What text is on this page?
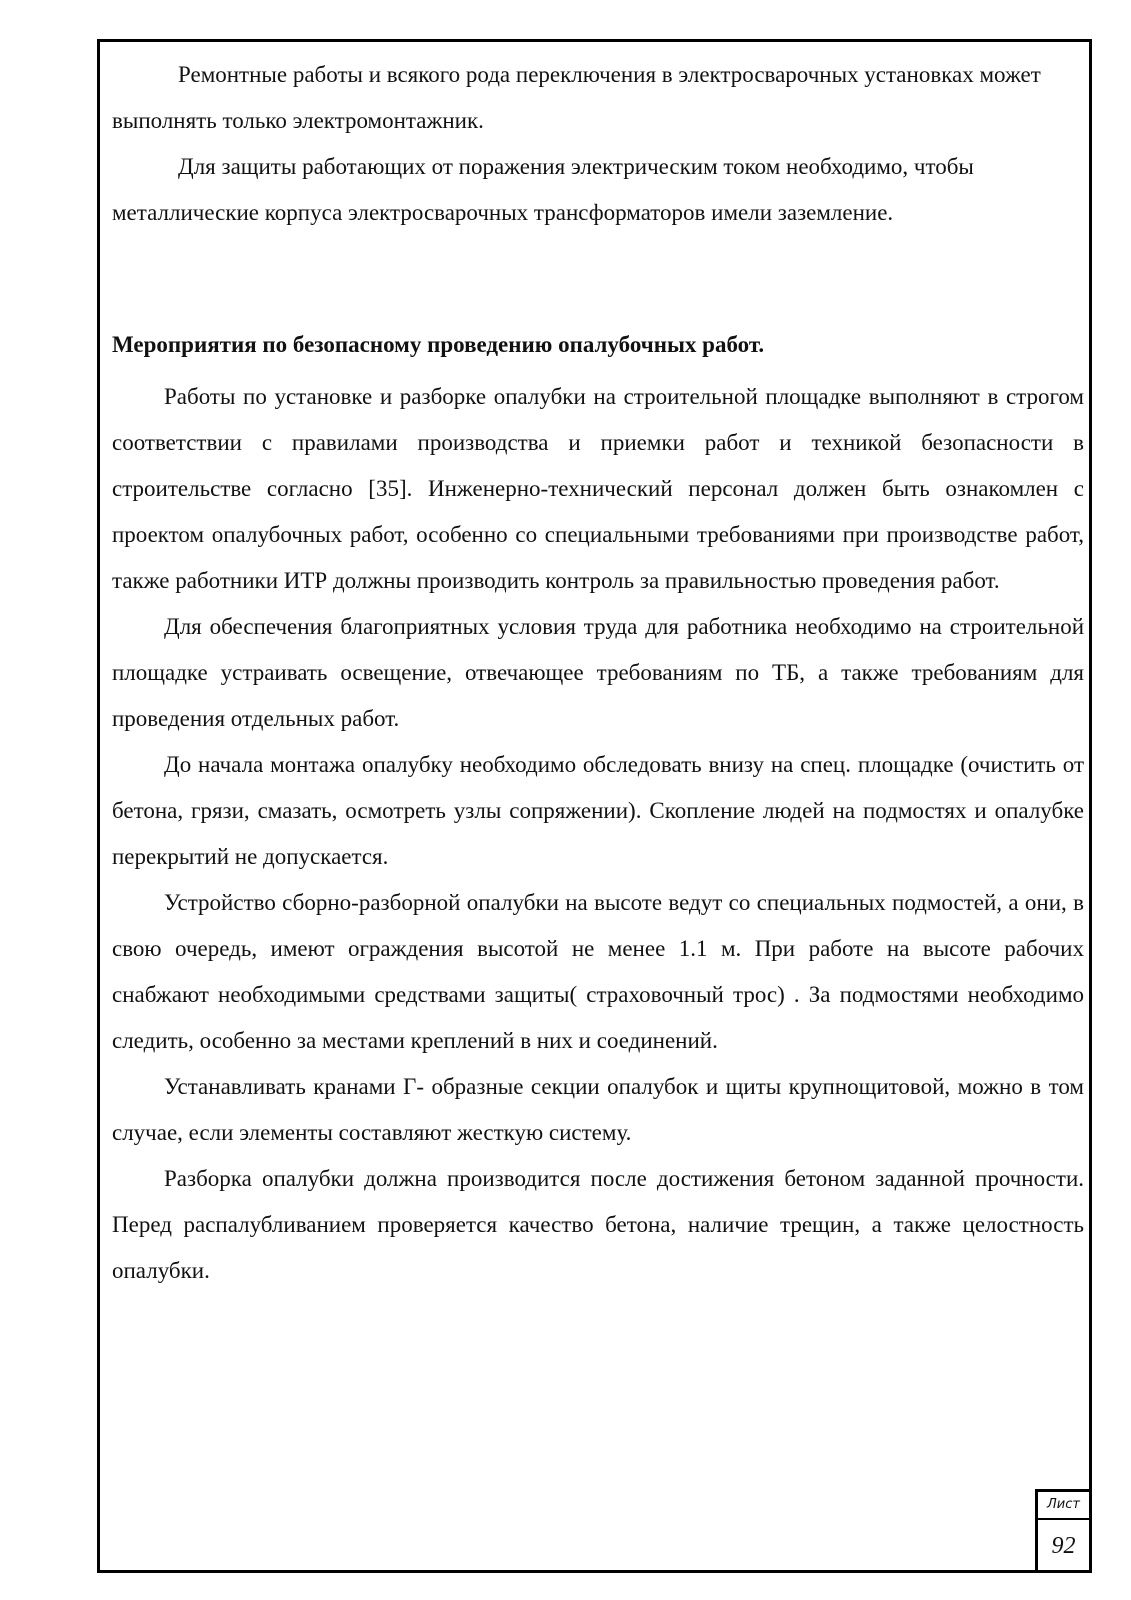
Ремонтные работы и всякого рода переключения в электросварочных установках может выполнять только электромонтажник.

Для защиты работающих от поражения электрическим током необходимо, чтобы металлические корпуса электросварочных трансформаторов имели заземление.

Мероприятия по безопасному проведению опалубочных работ.

Работы по установке и разборке опалубки на строительной площадке выполняют в строгом соответствии с правилами производства и приемки работ и техникой безопасности в строительстве согласно [35]. Инженерно-технический персонал должен быть ознакомлен с проектом опалубочных работ, особенно со специальными требованиями при производстве работ, также работники ИТР должны производить контроль за правильностью проведения работ.

Для обеспечения благоприятных условия труда для работника необходимо на строительной площадке устраивать освещение, отвечающее требованиям по ТБ, а также требованиям для проведения отдельных работ.

До начала монтажа опалубку необходимо обследовать внизу на спец. площадке (очистить от бетона, грязи, смазать, осмотреть узлы сопряжении). Скопление людей на подмостях и опалубке перекрытий не допускается.

Устройство сборно-разборной опалубки на высоте ведут со специальных подмостей, а они, в свою очередь, имеют ограждения высотой не менее 1.1 м. При работе на высоте рабочих снабжают необходимыми средствами защиты( страховочный трос) . За подмостями необходимо следить, особенно за местами креплений в них и соединений.

Устанавливать кранами Г- образные секции опалубок и щиты крупнощитовой, можно в том случае, если элементы составляют жесткую систему.

Разборка опалубки должна производится после достижения бетоном заданной прочности. Перед распалубливанием проверяется качество бетона, наличие трещин, а также целостность опалубки.

Лист
92
